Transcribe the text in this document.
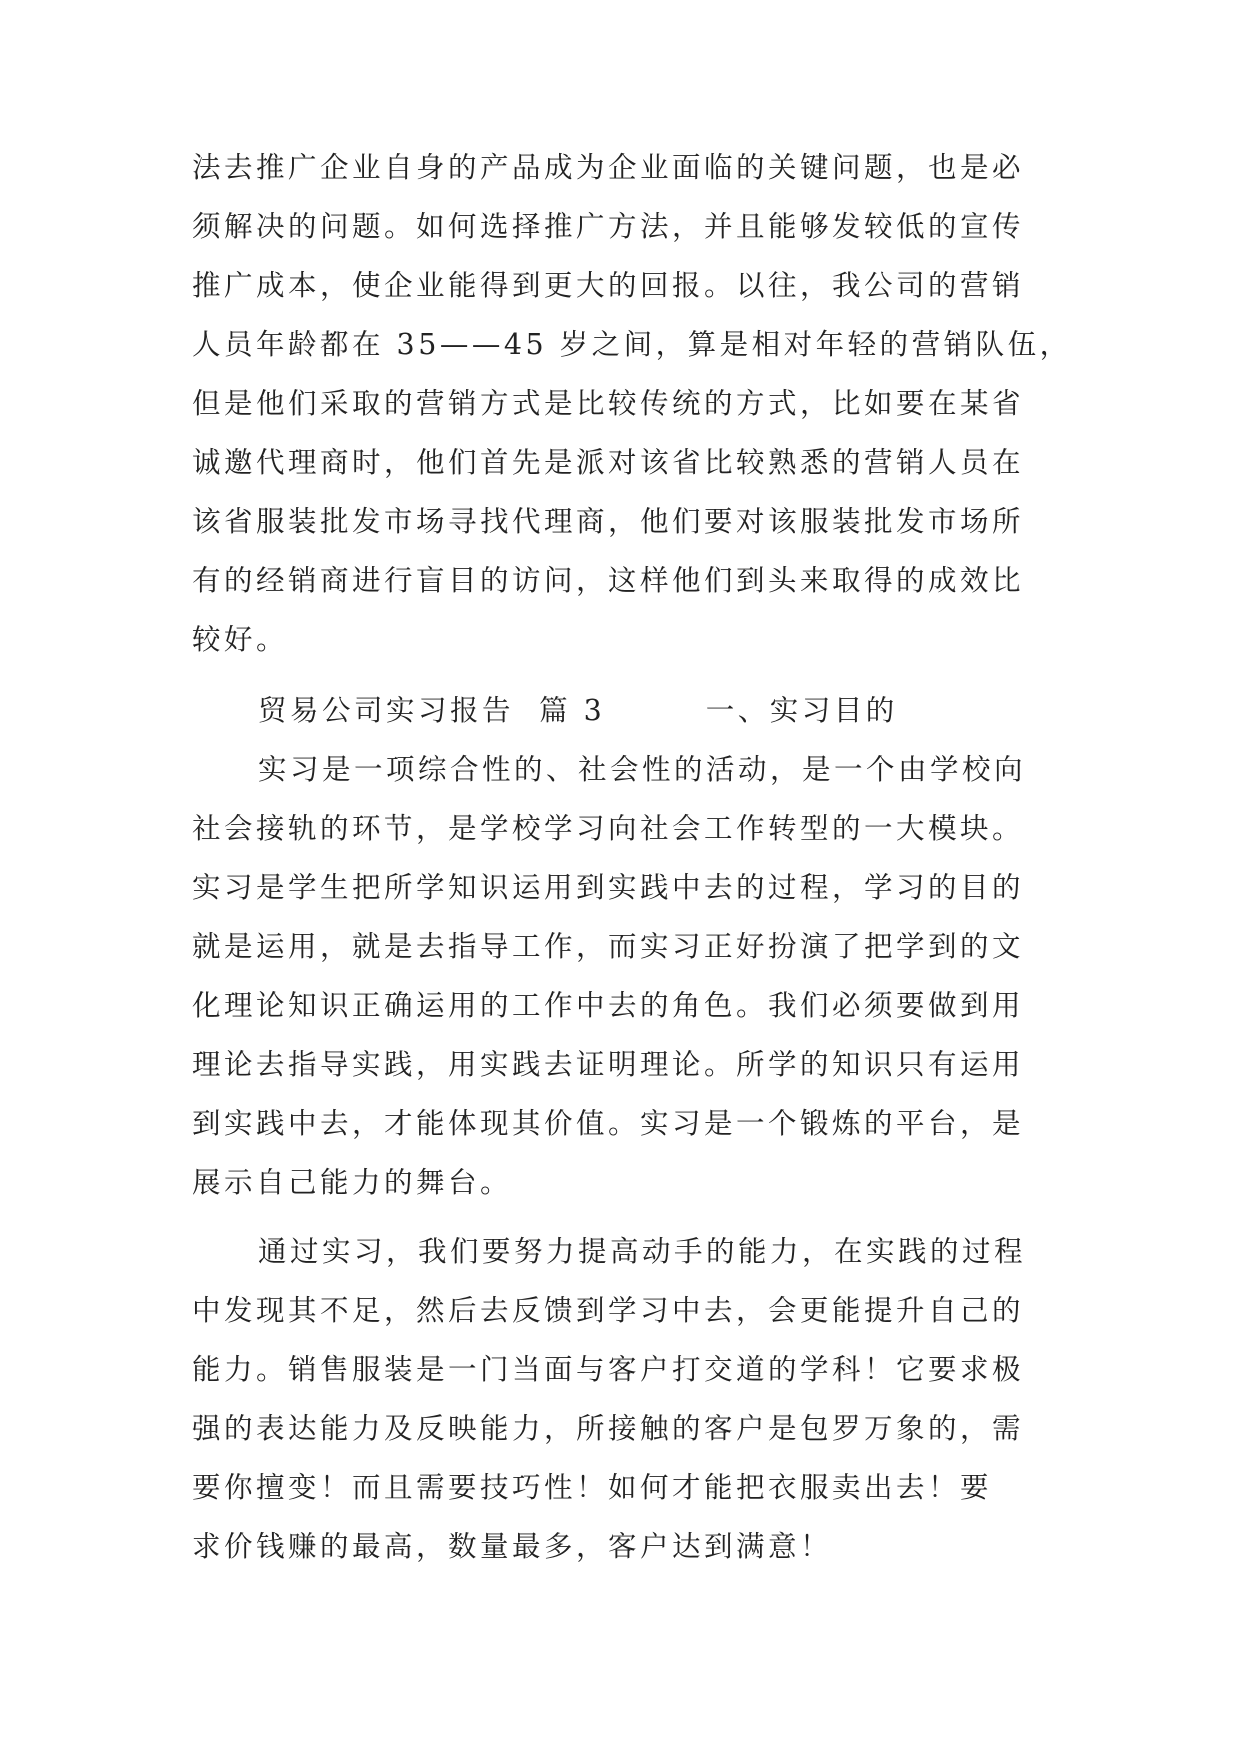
法去推广企业自身的产品成为企业面临的关键问题，也是必
须解决的问题。如何选择推广方法，并且能够发较低的宣传
推广成本，使企业能得到更大的回报。以往，我公司的营销
人员年龄都在 35——45 岁之间，算是相对年轻的营销队伍，
但是他们采取的营销方式是比较传统的方式，比如要在某省
诚邀代理商时，他们首先是派对该省比较熟悉的营销人员在
该省服装批发市场寻找代理商，他们要对该服装批发市场所
有的经销商进行盲目的访问，这样他们到头来取得的成效比
较好。
贸易公司实习报告  篇 3        一、实习目的
实习是一项综合性的、社会性的活动，是一个由学校向
社会接轨的环节，是学校学习向社会工作转型的一大模块。
实习是学生把所学知识运用到实践中去的过程，学习的目的
就是运用，就是去指导工作，而实习正好扮演了把学到的文
化理论知识正确运用的工作中去的角色。我们必须要做到用
理论去指导实践，用实践去证明理论。所学的知识只有运用
到实践中去，才能体现其价值。实习是一个锻炼的平台，是
展示自己能力的舞台。
通过实习，我们要努力提高动手的能力，在实践的过程
中发现其不足，然后去反馈到学习中去，会更能提升自己的
能力。销售服装是一门当面与客户打交道的学科！它要求极
强的表达能力及反映能力，所接触的客户是包罗万象的，需
要你擅变！而且需要技巧性！如何才能把衣服卖出去！要
求价钱赚的最高，数量最多，客户达到满意！
